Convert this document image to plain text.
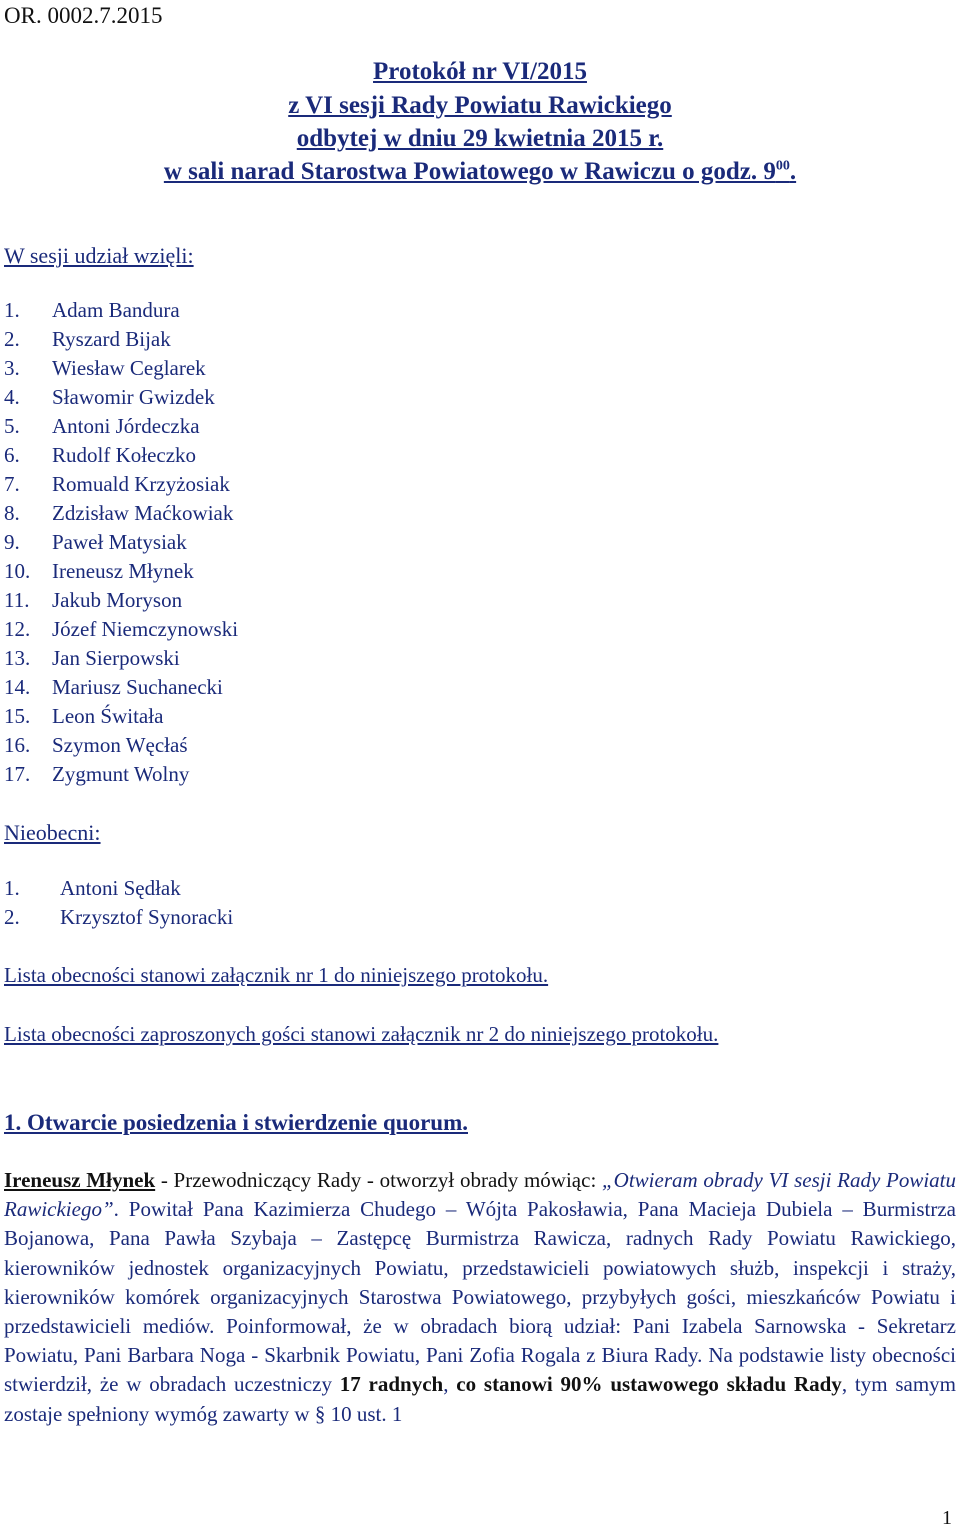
OR. 0002.7.2015
Protokół nr VI/2015
z VI sesji Rady Powiatu Rawickiego
odbytej w dniu 29 kwietnia 2015 r.
w sali narad Starostwa Powiatowego w Rawiczu o godz. $9^{00}$.
W sesji udział wzięli:
1. Adam Bandura
2. Ryszard Bijak
3. Wiesław Ceglarek
4. Sławomir Gwizdek
5. Antoni Jórdeczka
6. Rudolf Kołeczko
7. Romuald Krzyżosiak
8. Zdzisław Maćkowiak
9. Paweł Matysiak
10. Ireneusz Młynek
11. Jakub Moryson
12. Józef Niemczynowski
13. Jan Sierpowski
14. Mariusz Suchanecki
15. Leon Świtała
16. Szymon Węcłaś
17. Zygmunt Wolny
Nieobecni:
1. Antoni Sędłak
2. Krzysztof Synoracki
Lista obecności stanowi załącznik nr 1 do niniejszego protokołu.
Lista obecności zaproszonych gości stanowi załącznik nr 2 do niniejszego protokołu.
1. Otwarcie posiedzenia i stwierdzenie quorum.
Ireneusz Młynek - Przewodniczący Rady - otworzył obrady mówiąc: „Otwieram obrady VI sesji Rady Powiatu Rawickiego”. Powitał Pana Kazimierza Chudego – Wójta Pakosławia, Pana Macieja Dubiela – Burmistrza Bojanowa, Pana Pawła Szybaja – Zastępcę Burmistrza Rawicza, radnych Rady Powiatu Rawickiego, kierowników jednostek organizacyjnych Powiatu, przedstawicieli powiatowych służb, inspekcji i straży, kierowników komórek organizacyjnych Starostwa Powiatowego, przybyłych gości, mieszkańców Powiatu i przedstawicieli mediów. Poinformował, że w obradach biorą udział: Pani Izabela Sarnowska - Sekretarz Powiatu, Pani Barbara Noga - Skarbnik Powiatu, Pani Zofia Rogala z Biura Rady. Na podstawie listy obecności stwierdził, że w obradach uczestniczy 17 radnych, co stanowi 90% ustawowego składu Rady, tym samym zostaje spełniony wymóg zawarty w § 10 ust. 1
1
